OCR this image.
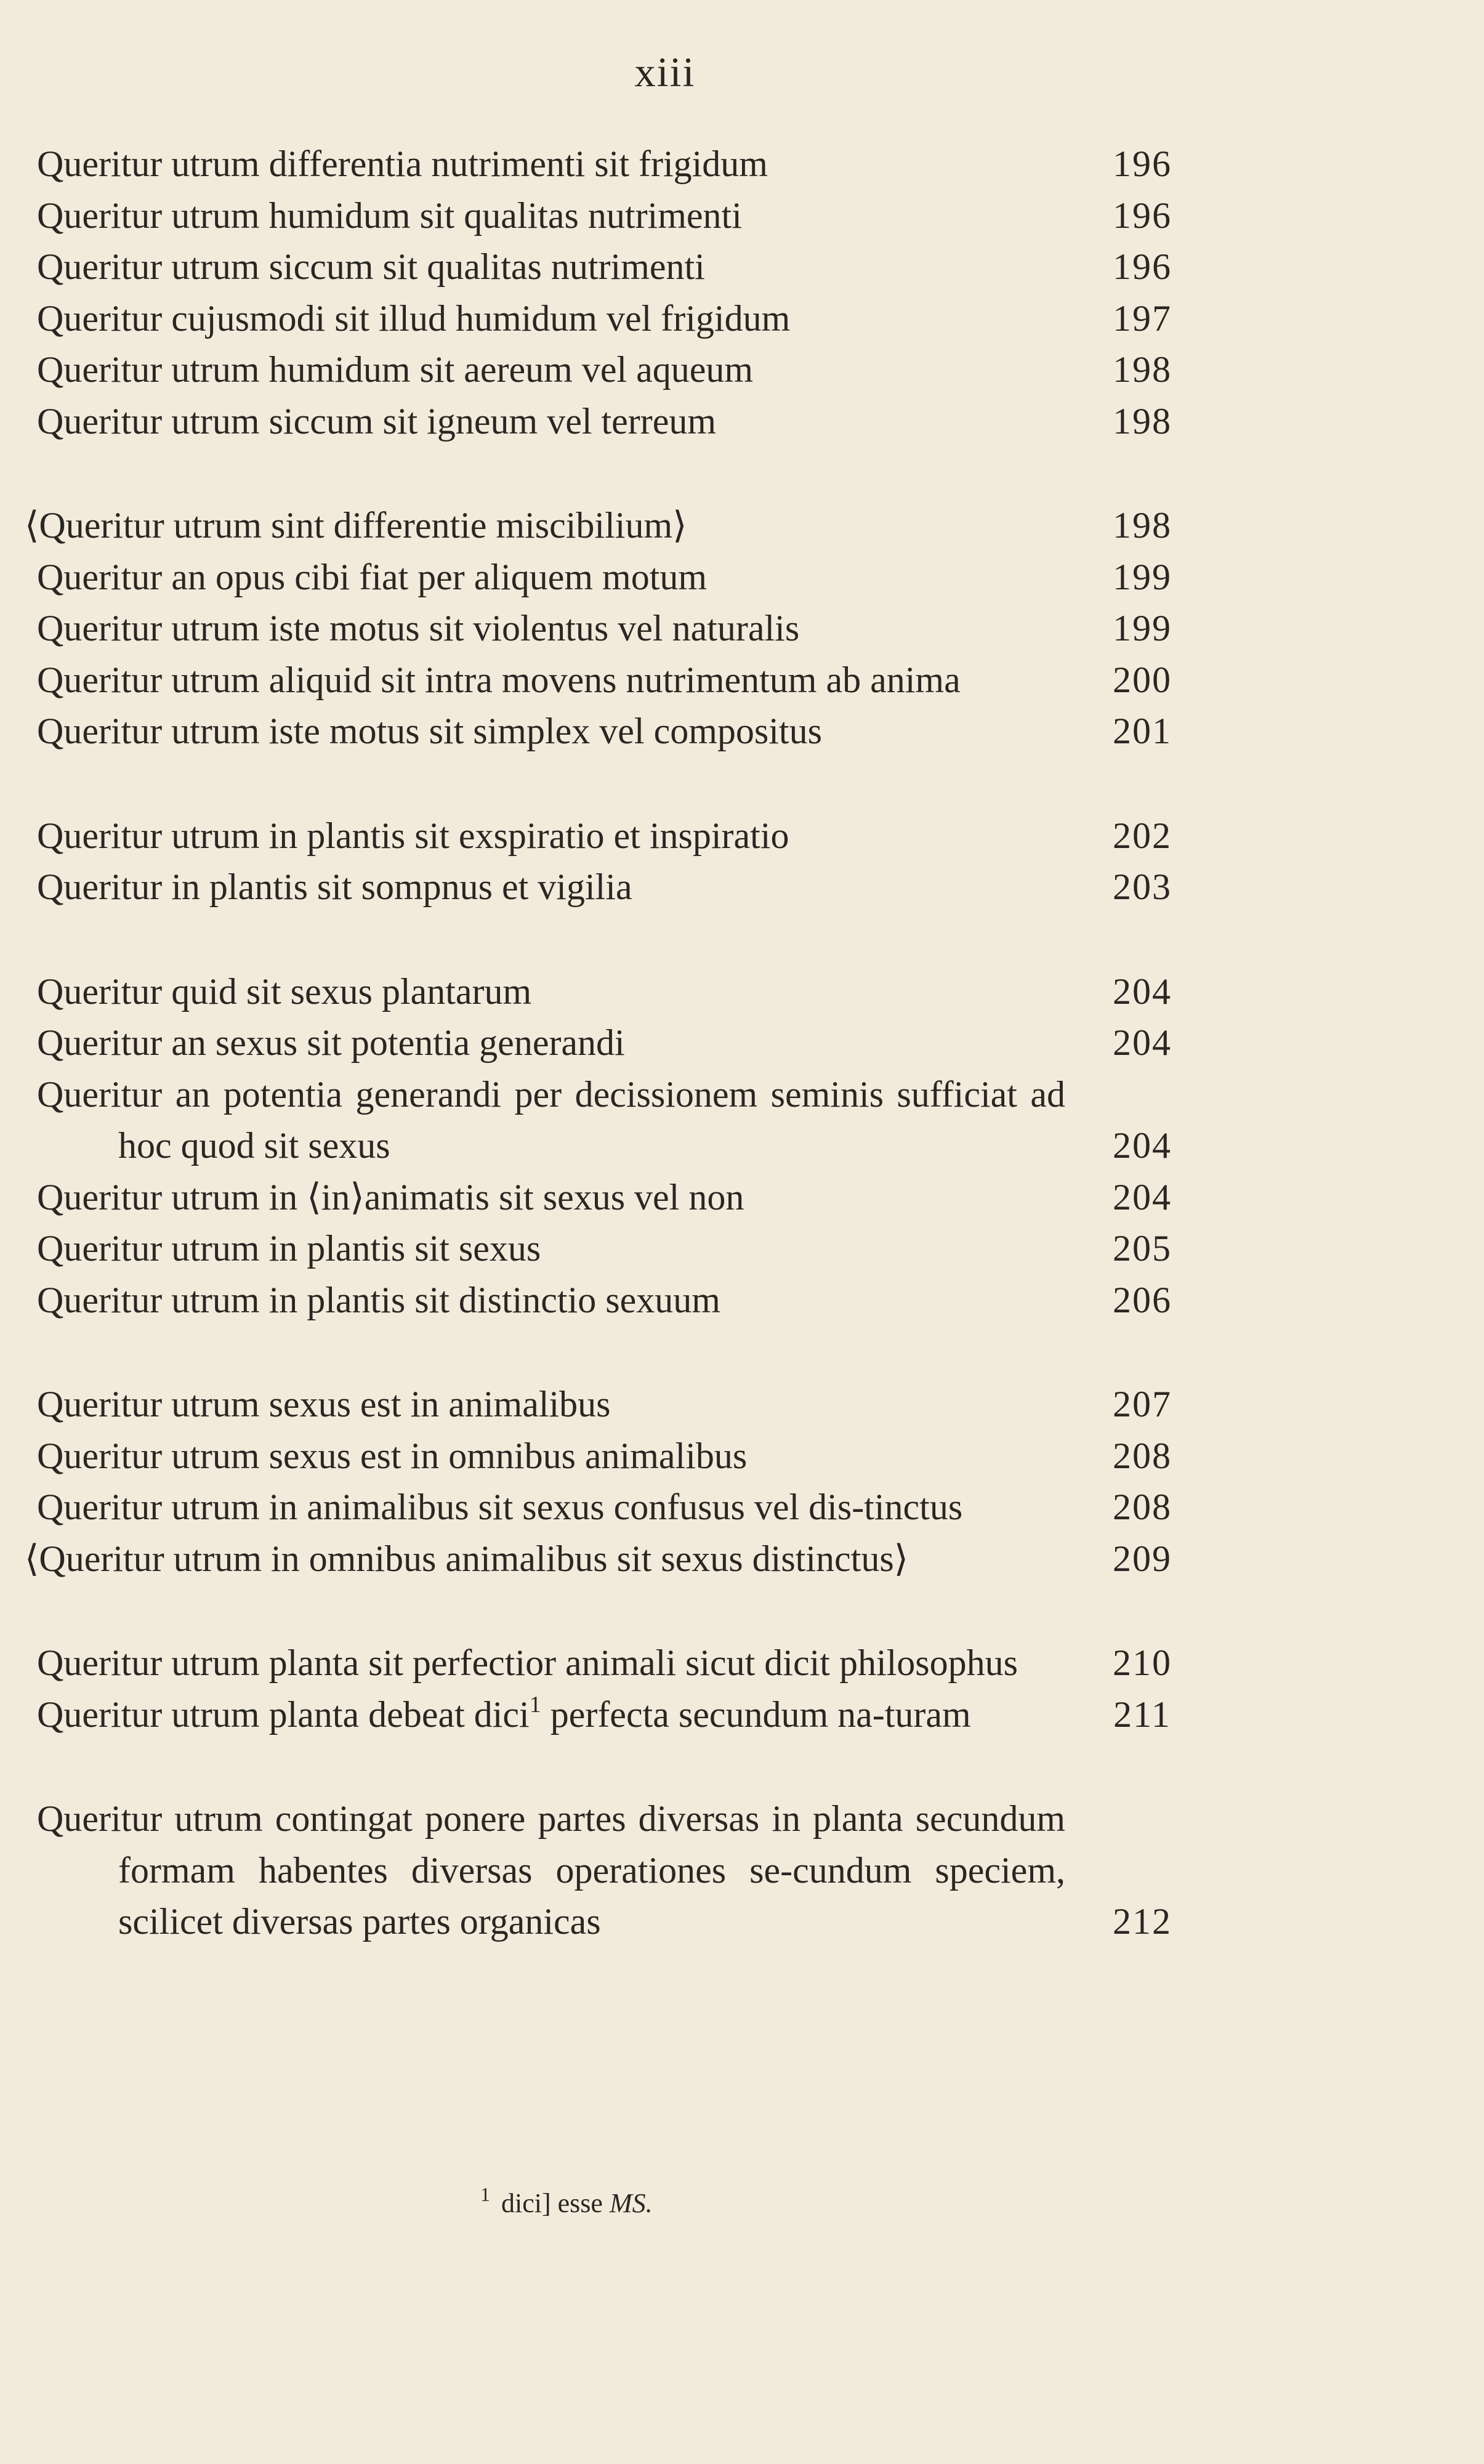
xiii
Queritur utrum differentia nutrimenti sit frigidum	196
Queritur utrum humidum sit qualitas nutrimenti	196
Queritur utrum siccum sit qualitas nutrimenti	196
Queritur cujusmodi sit illud humidum vel frigidum	197
Queritur utrum humidum sit aereum vel aqueum	198
Queritur utrum siccum sit igneum vel terreum	198
⟨Queritur utrum sint differentie miscibilium⟩	198
Queritur an opus cibi fiat per aliquem motum	199
Queritur utrum iste motus sit violentus vel naturalis	199
Queritur utrum aliquid sit intra movens nutrimentum ab anima	200
Queritur utrum iste motus sit simplex vel compositus	201
Queritur utrum in plantis sit exspiratio et inspiratio	202
Queritur in plantis sit sompnus et vigilia	203
Queritur quid sit sexus plantarum	204
Queritur an sexus sit potentia generandi	204
Queritur an potentia generandi per decissionem seminis sufficiat ad hoc quod sit sexus	204
Queritur utrum in ⟨in⟩animatis sit sexus vel non	204
Queritur utrum in plantis sit sexus	205
Queritur utrum in plantis sit distinctio sexuum	206
Queritur utrum sexus est in animalibus	207
Queritur utrum sexus est in omnibus animalibus	208
Queritur utrum in animalibus sit sexus confusus vel dis-tinctus	208
⟨Queritur utrum in omnibus animalibus sit sexus distinctus⟩	209
Queritur utrum planta sit perfectior animali sicut dicit philosophus	210
Queritur utrum planta debeat dici$^1$ perfecta secundum na-turam	211
Queritur utrum contingat ponere partes diversas in planta secundum formam habentes diversas operationes se-cundum speciem, scilicet diversas partes organicas	212
$^1$ dici] esse MS.
